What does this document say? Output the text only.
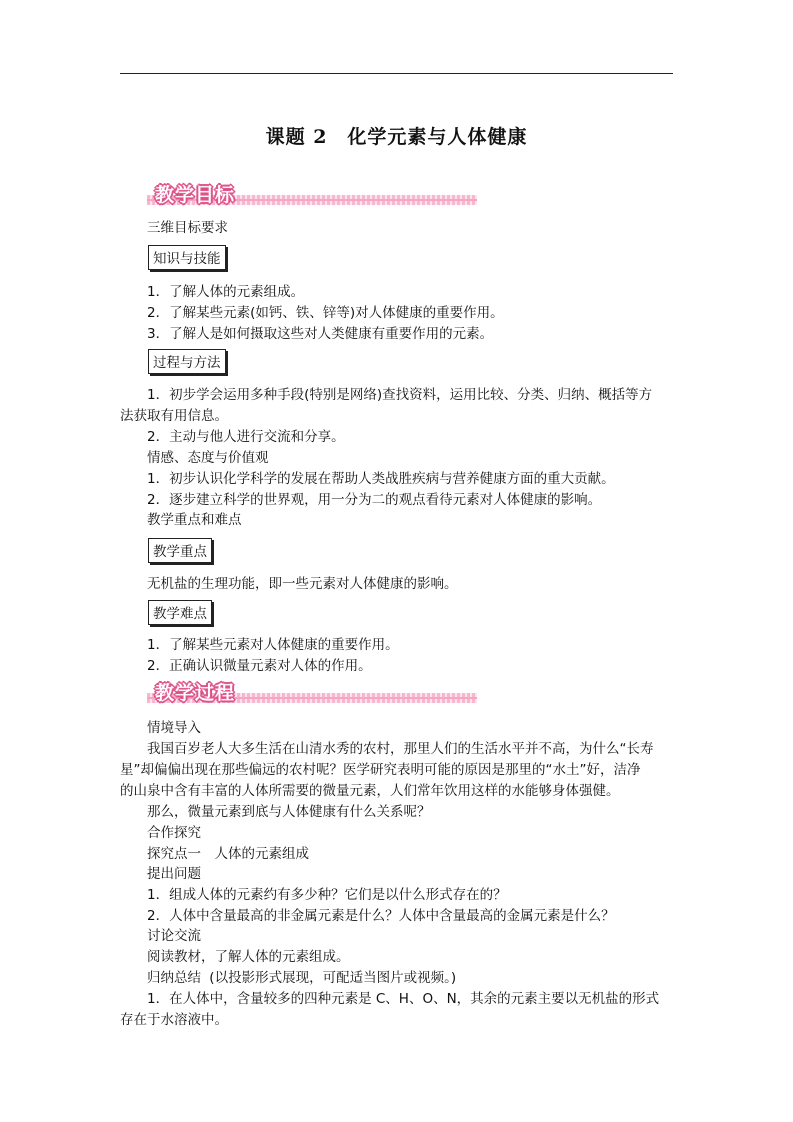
课题 2　化学元素与人体健康
教学目标
三维目标要求
知识与技能
1．了解人体的元素组成。
2．了解某些元素(如钙、铁、锌等)对人体健康的重要作用。
3．了解人是如何摄取这些对人类健康有重要作用的元素。
过程与方法
1．初步学会运用多种手段(特别是网络)查找资料，运用比较、分类、归纳、概括等方
法获取有用信息。
2．主动与他人进行交流和分享。
情感、态度与价值观
1．初步认识化学科学的发展在帮助人类战胜疾病与营养健康方面的重大贡献。
2．逐步建立科学的世界观，用一分为二的观点看待元素对人体健康的影响。
教学重点和难点
教学重点
无机盐的生理功能，即一些元素对人体健康的影响。
教学难点
1．了解某些元素对人体健康的重要作用。
2．正确认识微量元素对人体的作用。
教学过程
情境导入
我国百岁老人大多生活在山清水秀的农村，那里人们的生活水平并不高，为什么“长寿
星”却偏偏出现在那些偏远的农村呢？医学研究表明可能的原因是那里的“水土”好，洁净
的山泉中含有丰富的人体所需要的微量元素，人们常年饮用这样的水能够身体强健。
那么，微量元素到底与人体健康有什么关系呢？
合作探究
探究点一　人体的元素组成
提出问题
1．组成人体的元素约有多少种？它们是以什么形式存在的？
2．人体中含量最高的非金属元素是什么？人体中含量最高的金属元素是什么？
讨论交流
阅读教材，了解人体的元素组成。
归纳总结 (以投影形式展现，可配适当图片或视频。)
1．在人体中，含量较多的四种元素是 C、H、O、N，其余的元素主要以无机盐的形式
存在于水溶液中。
